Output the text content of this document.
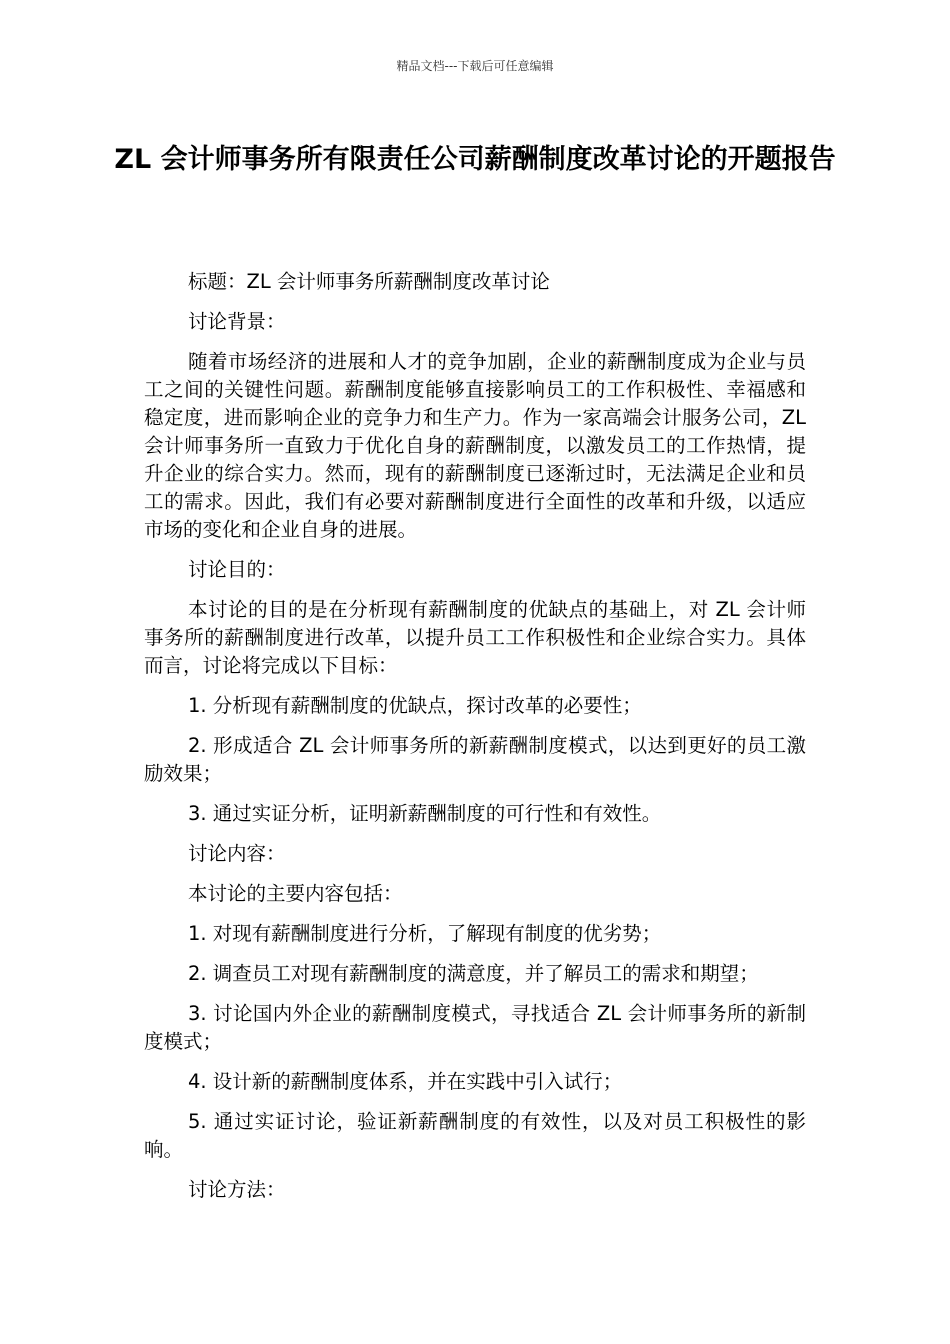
精品文档---下载后可任意编辑
ZL 会计师事务所有限责任公司薪酬制度改革讨论的开题报告

标题：ZL 会计师事务所薪酬制度改革讨论

讨论背景：

随着市场经济的进展和人才的竞争加剧，企业的薪酬制度成为企业与员工之间的关键性问题。薪酬制度能够直接影响员工的工作积极性、幸福感和稳定度，进而影响企业的竞争力和生产力。作为一家高端会计服务公司，ZL 会计师事务所一直致力于优化自身的薪酬制度，以激发员工的工作热情，提升企业的综合实力。然而，现有的薪酬制度已逐渐过时，无法满足企业和员工的需求。因此，我们有必要对薪酬制度进行全面性的改革和升级，以适应市场的变化和企业自身的进展。

讨论目的：

本讨论的目的是在分析现有薪酬制度的优缺点的基础上，对 ZL 会计师事务所的薪酬制度进行改革，以提升员工工作积极性和企业综合实力。具体而言，讨论将完成以下目标：

1. 分析现有薪酬制度的优缺点，探讨改革的必要性；

2. 形成适合 ZL 会计师事务所的新薪酬制度模式，以达到更好的员工激励效果；

3. 通过实证分析，证明新薪酬制度的可行性和有效性。

讨论内容：

本讨论的主要内容包括：

1. 对现有薪酬制度进行分析，了解现有制度的优劣势；

2. 调查员工对现有薪酬制度的满意度，并了解员工的需求和期望；

3. 讨论国内外企业的薪酬制度模式，寻找适合 ZL 会计师事务所的新制度模式；

4. 设计新的薪酬制度体系，并在实践中引入试行；

5. 通过实证讨论，验证新薪酬制度的有效性，以及对员工积极性的影响。

讨论方法：
